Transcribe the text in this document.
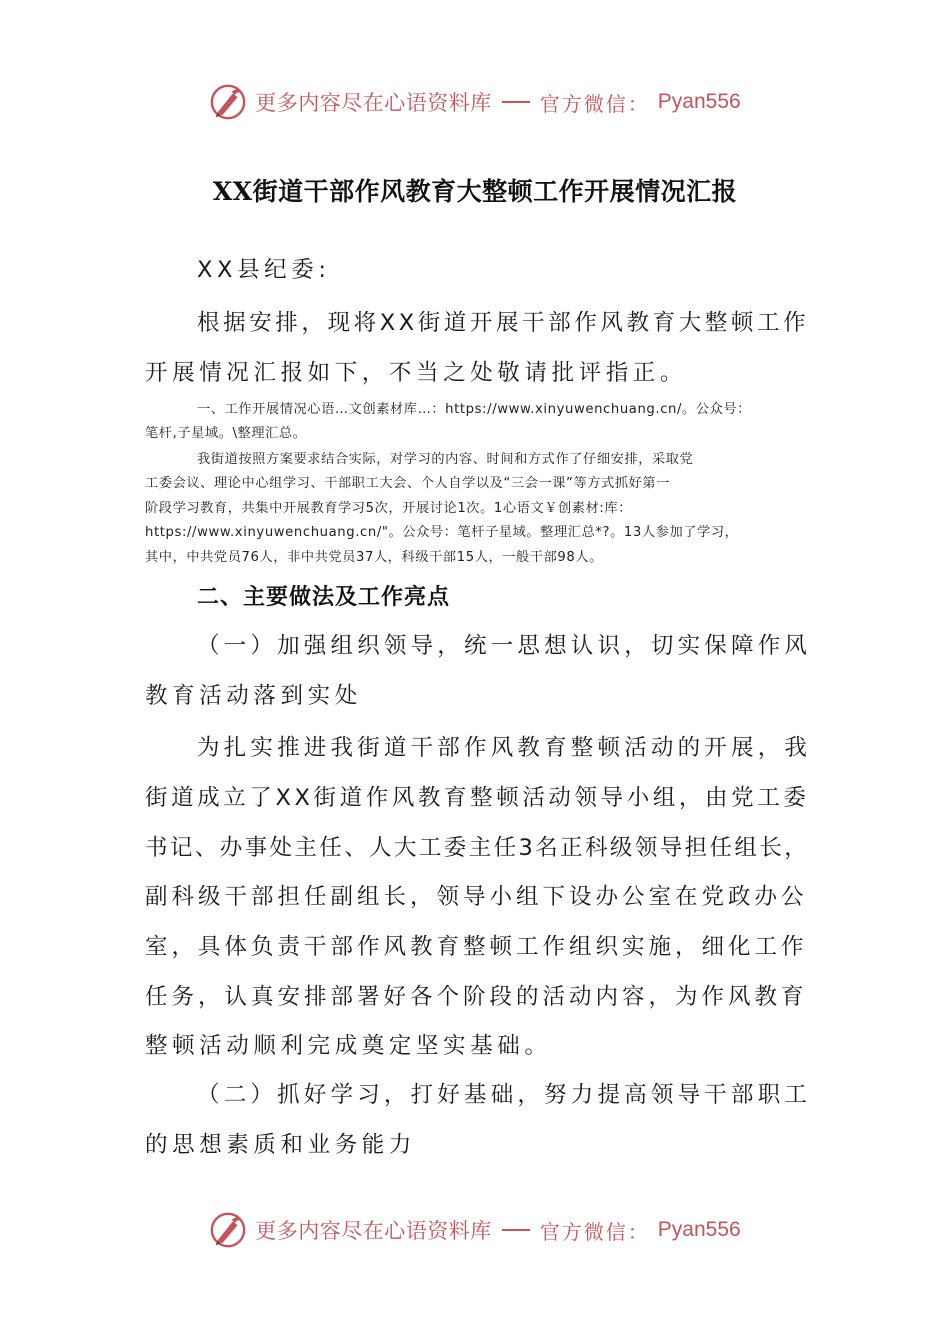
更多内容尽在心语资料库 官方微信： Pyan556
XX街道干部作风教育大整顿工作开展情况汇报
XX县纪委:
根据安排，现将XX街道开展干部作风教育大整顿工作
开展情况汇报如下，不当之处敬请批评指正。
一、工作开展情况心语…文创素材库…：https://www.xinyuwenchuang.cn/。公众号：
笔杆,子星域。\整理汇总。
我街道按照方案要求结合实际，对学习的内容、时间和方式作了仔细安排，采取党
工委会议、理论中心组学习、干部职工大会、个人自学以及“三会一课”等方式抓好第一
阶段学习教育，共集中开展教育学习5次，开展讨论1次。1心语文￥创素材:库：
https://www.xinyuwenchuang.cn/"。公众号：笔杆子星域。整理汇总*?。13人参加了学习，
其中，中共党员76人，非中共党员37人，科级干部15人，一般干部98人。
二、主要做法及工作亮点
（一）加强组织领导，统一思想认识，切实保障作风
教育活动落到实处
为扎实推进我街道干部作风教育整顿活动的开展，我
街道成立了XX街道作风教育整顿活动领导小组，由党工委
书记、办事处主任、人大工委主任3名正科级领导担任组长，
副科级干部担任副组长，领导小组下设办公室在党政办公
室，具体负责干部作风教育整顿工作组织实施，细化工作
任务，认真安排部署好各个阶段的活动内容，为作风教育
整顿活动顺利完成奠定坚实基础。
（二）抓好学习，打好基础，努力提高领导干部职工
的思想素质和业务能力
更多内容尽在心语资料库 官方微信： Pyan556
